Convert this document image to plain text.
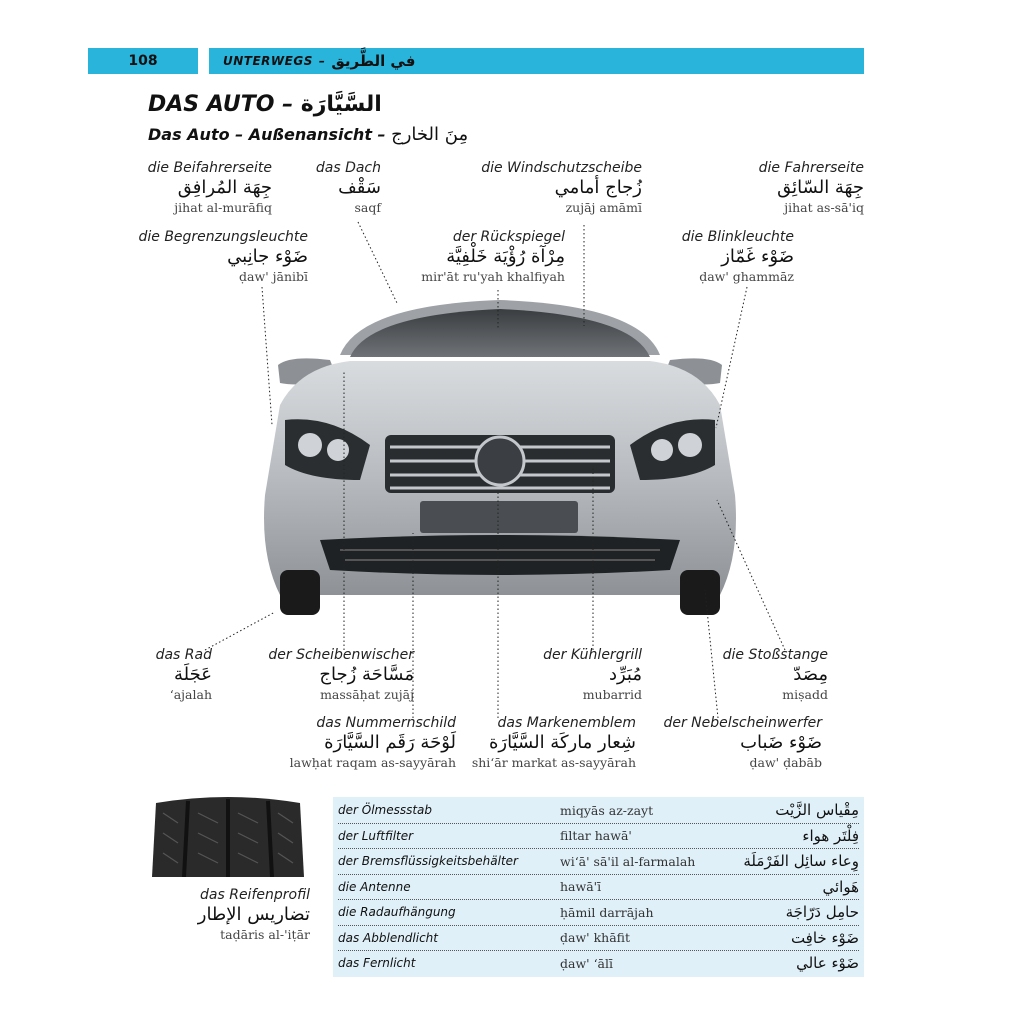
108	UNTERWEGS – في الطَّريق
DAS AUTO – السَّيَّارَة
Das Auto – Außenansicht – مِنَ الخارج
die Beifahrerseite
جِهَة المُرافِق
jihat al-murāfiq
das Dach
سَقْف
saqf
die Windschutzscheibe
زُجاج أمامي
zujāj amāmī
die Fahrerseite
جِهَة السّائِق
jihat as-sā'iq
die Begrenzungsleuchte
ضَوْء جانِبي
ḍaw' jānibī
der Rückspiegel
مِرْآة رُؤْيَة خَلْفِيَّة
mir'āt ru'yah khalfiyah
die Blinkleuchte
ضَوْء غَمّاز
ḍaw' ghammāz
das Rad
عَجَلَة
ʻajalah
der Scheibenwischer
مَسَّاحَة زُجاج
massāḥat zujāj
der Kühlergrill
مُبَرِّد
mubarrid
die Stoßstange
مِصَدّ
miṣadd
das Nummernschild
لَوْحَة رَقَم السَّيَّارَة
lawḥat raqam as-sayyārah
das Markenemblem
شِعار ماركَة السَّيَّارَة
shiʻār markat as-sayyārah
der Nebelscheinwerfer
ضَوْء ضَباب
ḍaw' ḍabāb
das Reifenprofil
تضاريس الإطار
taḍāris al-'iṭār
der Ölmessstab	miqyās az-zayt	مِقْياس الزَّيْت
der Luftfilter	filtar hawā'	فِلْتَر هواء
der Bremsflüssigkeitsbehälter	wiʻā' sā'il al-farmalah	وِعاء سائِل الفَرْمَلَة
die Antenne	hawā'ī	هَوائي
die Radaufhängung	ḥāmil darrājah	حامِل دَرّاجَة
das Abblendlicht	ḍaw' khāfit	ضَوْء خافِت
das Fernlicht	ḍaw' ʻālī	ضَوْء عالي
